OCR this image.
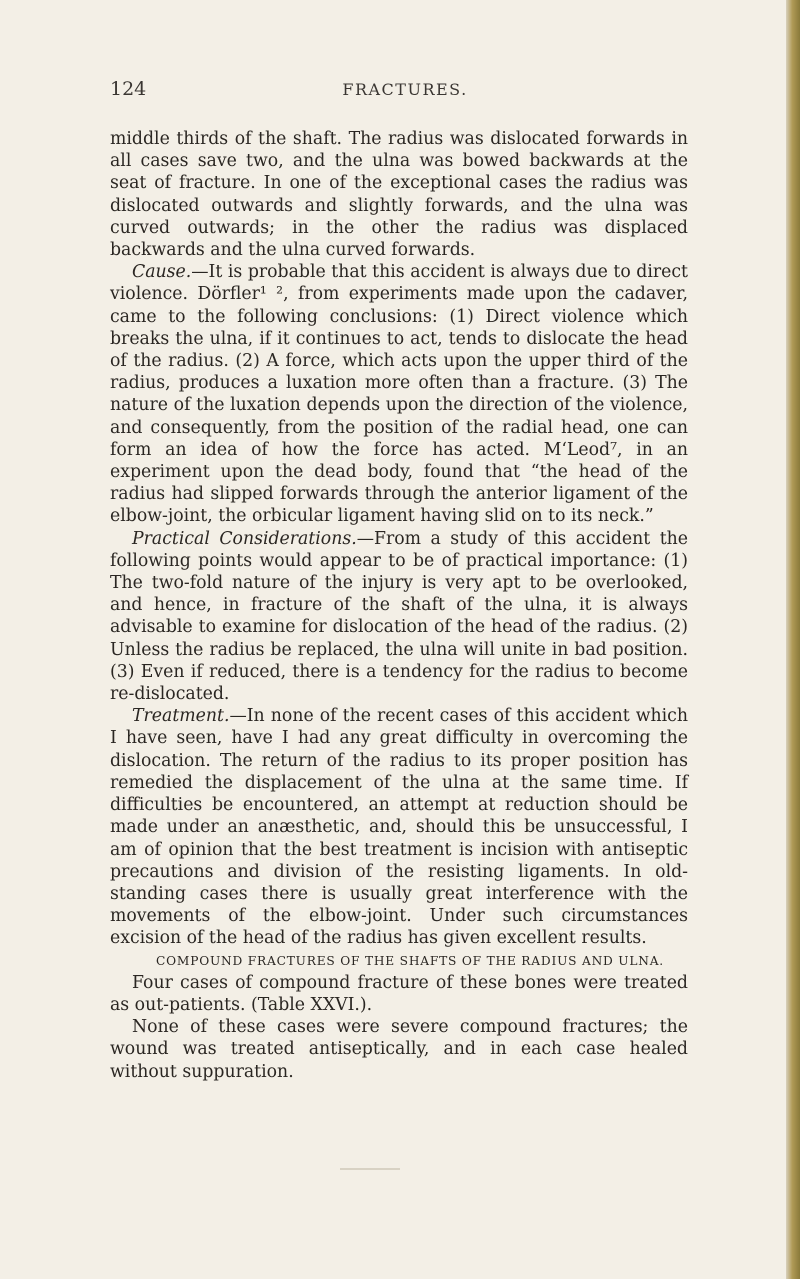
124	FRACTURES.

middle thirds of the shaft. The radius was dislocated forwards in all cases save two, and the ulna was bowed backwards at the seat of fracture. In one of the exceptional cases the radius was dislocated outwards and slightly forwards, and the ulna was curved outwards; in the other the radius was displaced backwards and the ulna curved forwards.

Cause.—It is probable that this accident is always due to direct violence. Dörfler¹ ², from experiments made upon the cadaver, came to the following conclusions: (1) Direct violence which breaks the ulna, if it continues to act, tends to dislocate the head of the radius. (2) A force, which acts upon the upper third of the radius, produces a luxation more often than a fracture. (3) The nature of the luxation depends upon the direction of the violence, and consequently, from the position of the radial head, one can form an idea of how the force has acted. M‘Leod⁷, in an experiment upon the dead body, found that “the head of the radius had slipped forwards through the anterior ligament of the elbow-joint, the orbicular ligament having slid on to its neck.”

Practical Considerations.—From a study of this accident the following points would appear to be of practical importance: (1) The two-fold nature of the injury is very apt to be overlooked, and hence, in fracture of the shaft of the ulna, it is always advisable to examine for dislocation of the head of the radius. (2) Unless the radius be replaced, the ulna will unite in bad position. (3) Even if reduced, there is a tendency for the radius to become re-dislocated.

Treatment.—In none of the recent cases of this accident which I have seen, have I had any great difficulty in overcoming the dislocation. The return of the radius to its proper position has remedied the displacement of the ulna at the same time. If difficulties be encountered, an attempt at reduction should be made under an anæsthetic, and, should this be unsuccessful, I am of opinion that the best treatment is incision with antiseptic precautions and division of the resisting ligaments. In old-standing cases there is usually great interference with the movements of the elbow-joint. Under such circumstances excision of the head of the radius has given excellent results.

COMPOUND FRACTURES OF THE SHAFTS OF THE RADIUS AND ULNA.

Four cases of compound fracture of these bones were treated as out-patients. (Table XXVI.).

None of these cases were severe compound fractures; the wound was treated antiseptically, and in each case healed without suppuration.
